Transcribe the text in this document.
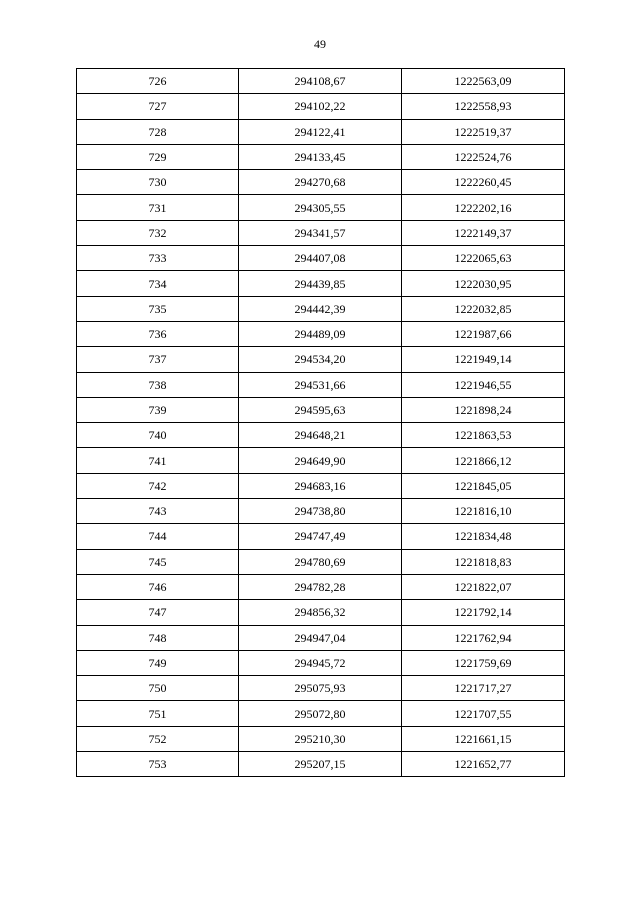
49
726	294108,67	1222563,09
727	294102,22	1222558,93
728	294122,41	1222519,37
729	294133,45	1222524,76
730	294270,68	1222260,45
731	294305,55	1222202,16
732	294341,57	1222149,37
733	294407,08	1222065,63
734	294439,85	1222030,95
735	294442,39	1222032,85
736	294489,09	1221987,66
737	294534,20	1221949,14
738	294531,66	1221946,55
739	294595,63	1221898,24
740	294648,21	1221863,53
741	294649,90	1221866,12
742	294683,16	1221845,05
743	294738,80	1221816,10
744	294747,49	1221834,48
745	294780,69	1221818,83
746	294782,28	1221822,07
747	294856,32	1221792,14
748	294947,04	1221762,94
749	294945,72	1221759,69
750	295075,93	1221717,27
751	295072,80	1221707,55
752	295210,30	1221661,15
753	295207,15	1221652,77
